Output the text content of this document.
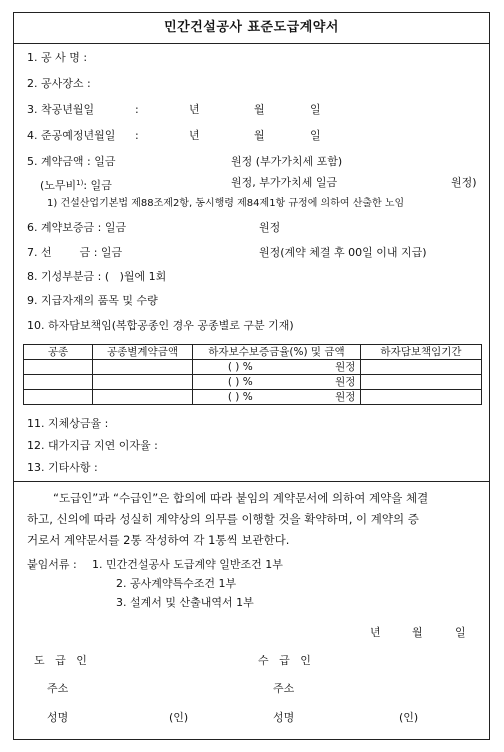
민간건설공사 표준도급계약서
1. 공 사 명 :
2. 공사장소 :
3. 착공년월일	:	년	월	일
4. 준공예정년월일 :	년	월	일
5. 계약금액 : 일금	원정 (부가가치세 포함)
(노무비$^{1)}$: 일금	원정, 부가가치세 일금	원정)
1) 건설산업기본법 제88조제2항, 동시행령 제84제1항 규정에 의하여 산출한 노임
6. 계약보증금 : 일금	원정
7. 선        금 : 일금	원정(계약 체결 후 00일 이내 지급)
8. 기성부분금 : (   )월에 1회
9. 지급자재의 품목 및 수량
10. 하자담보책임(복합공종인 경우 공종별로 구분 기재)
공종	공종별계약금액	하자보수보증금율(%) 및 금액	하자담보책임기간
		( ) % 원정	
		( ) % 원정	
		( ) % 원정	
11. 지체상금율 :
12. 대가지급 지연 이자율 :
13. 기타사항 :
“도급인”과 “수급인”은 합의에 따라 붙임의 계약문서에 의하여 계약을 체결
하고, 신의에 따라 성실히 계약상의 의무를 이행할 것을 확약하며, 이 계약의 증
거로서 계약문서를 2통 작성하여 각 1통씩 보관한다.
붙임서류 : 1. 민간건설공사 도급계약 일반조건 1부
2. 공사계약특수조건 1부
3. 설계서 및 산출내역서 1부
년	월	일
도   급   인	수   급   인
주소	주소
성명	(인)	성명	(인)
